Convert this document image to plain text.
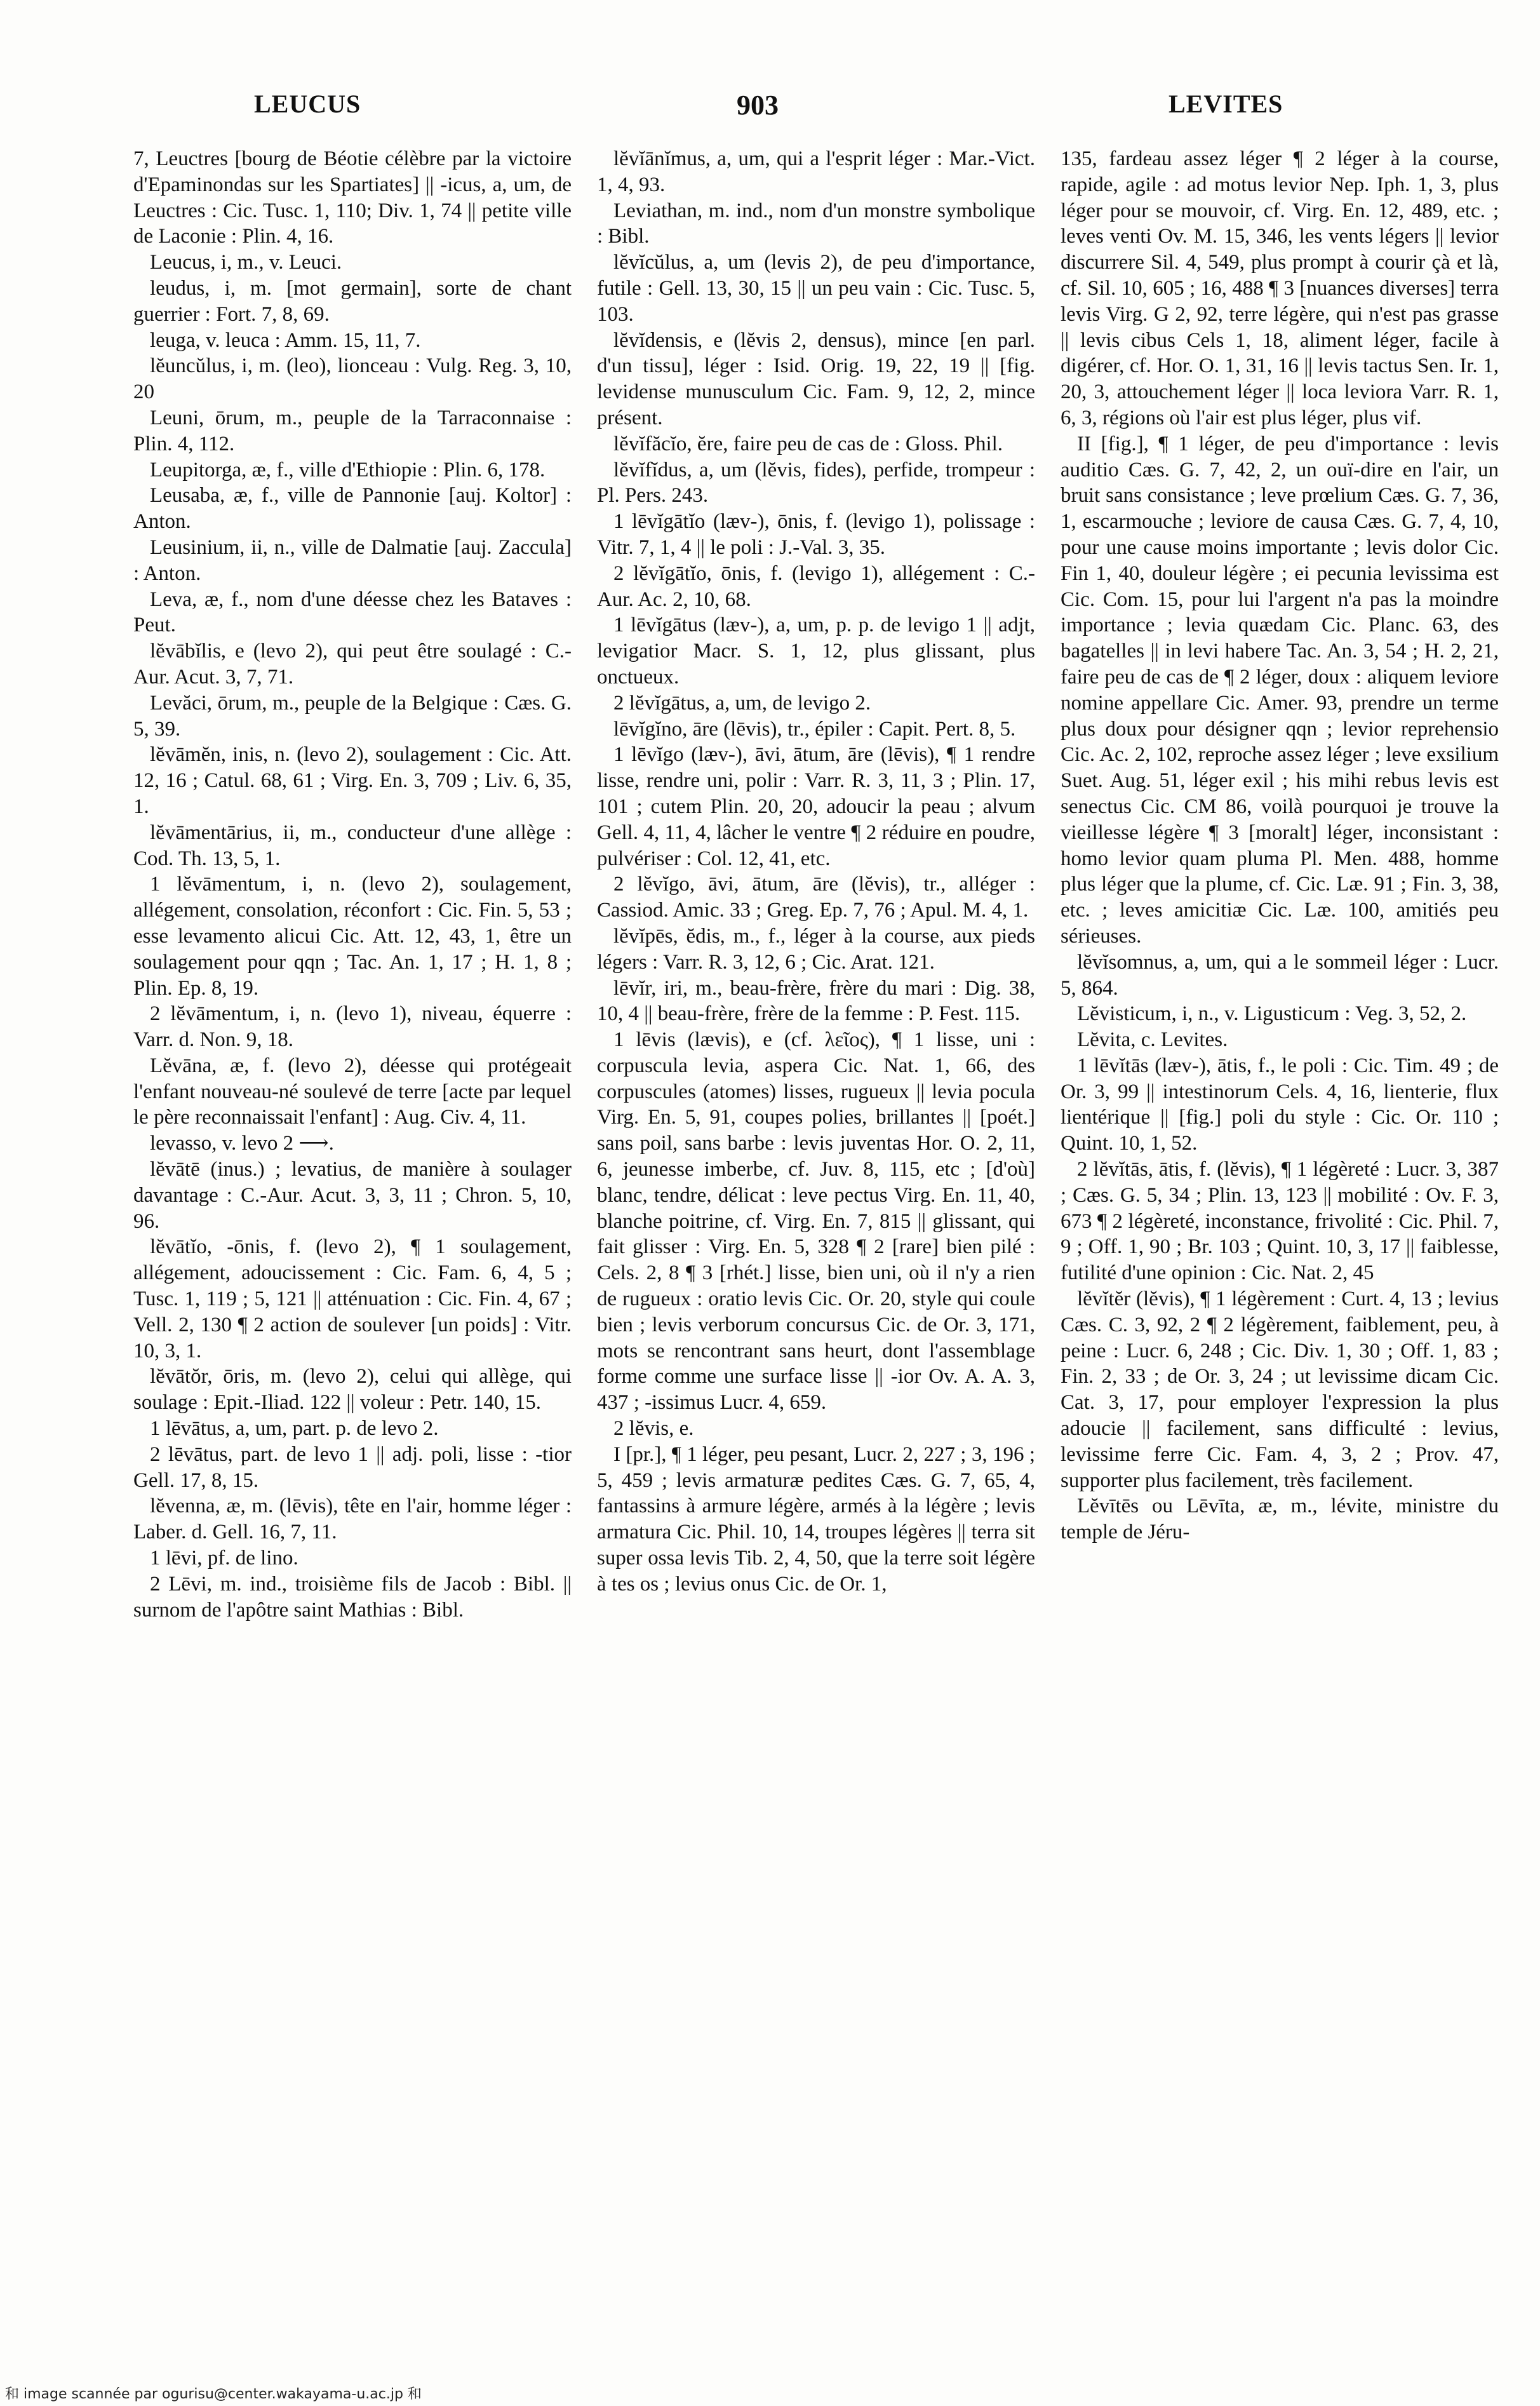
LEUCUS	903	LEVITES

7, Leuctres [bourg de Béotie célèbre par la victoire d'Epaminondas sur les Spartiates] || -icus, a, um, de Leuctres : Cic. Tusc. 1, 110; Div. 1, 74 || petite ville de Laconie : Plin. 4, 16.

Leucus, i, m., v. Leuci.

leudus, i, m. [mot germain], sorte de chant guerrier : Fort. 7, 8, 69.

leuga, v. leuca : Amm. 15, 11, 7.

lĕuncŭlus, i, m. (leo), lionceau : Vulg. Reg. 3, 10, 20

Leuni, ōrum, m., peuple de la Tarraconnaise : Plin. 4, 112.

Leupitorga, æ, f., ville d'Ethiopie : Plin. 6, 178.

Leusaba, æ, f., ville de Pannonie [auj. Koltor] : Anton.

Leusinium, ii, n., ville de Dalmatie [auj. Zaccula] : Anton.

Leva, æ, f., nom d'une déesse chez les Bataves : Peut.

lĕvābĭlis, e (levo 2), qui peut être soulagé : C.-Aur. Acut. 3, 7, 71.

Levăci, ōrum, m., peuple de la Belgique : Cæs. G. 5, 39.

lĕvāmĕn, inis, n. (levo 2), soulagement : Cic. Att. 12, 16 ; Catul. 68, 61 ; Virg. En. 3, 709 ; Liv. 6, 35, 1.

lĕvāmentārius, ii, m., conducteur d'une allège : Cod. Th. 13, 5, 1.

1 lĕvāmentum, i, n. (levo 2), soulagement, allégement, consolation, réconfort : Cic. Fin. 5, 53 ; esse levamento alicui Cic. Att. 12, 43, 1, être un soulagement pour qqn ; Tac. An. 1, 17 ; H. 1, 8 ; Plin. Ep. 8, 19.

2 lĕvāmentum, i, n. (levo 1), niveau, équerre : Varr. d. Non. 9, 18.

Lĕvāna, æ, f. (levo 2), déesse qui protégeait l'enfant nouveau-né soulevé de terre [acte par lequel le père reconnaissait l'enfant] : Aug. Civ. 4, 11.

levasso, v. levo 2 ⟶.

lĕvātē (inus.) ; levatius, de manière à soulager davantage : C.-Aur. Acut. 3, 3, 11 ; Chron. 5, 10, 96.

lĕvātĭo, -ōnis, f. (levo 2), ¶ 1 soulagement, allégement, adoucissement : Cic. Fam. 6, 4, 5 ; Tusc. 1, 119 ; 5, 121 || atténuation : Cic. Fin. 4, 67 ; Vell. 2, 130 ¶ 2 action de soulever [un poids] : Vitr. 10, 3, 1.

lĕvātŏr, ōris, m. (levo 2), celui qui allège, qui soulage : Epit.-Iliad. 122 || voleur : Petr. 140, 15.

1 lēvātus, a, um, part. p. de levo 2.

2 lēvātus, part. de levo 1 || adj. poli, lisse : -tior Gell. 17, 8, 15.

lĕvenna, æ, m. (lēvis), tête en l'air, homme léger : Laber. d. Gell. 16, 7, 11.

1 lēvi, pf. de lino.

2 Lēvi, m. ind., troisième fils de Jacob : Bibl. || surnom de l'apôtre saint Mathias : Bibl.

lĕvĭānĭmus, a, um, qui a l'esprit léger : Mar.-Vict. 1, 4, 93.

Leviathan, m. ind., nom d'un monstre symbolique : Bibl.

lĕvĭcŭlus, a, um (levis 2), de peu d'importance, futile : Gell. 13, 30, 15 || un peu vain : Cic. Tusc. 5, 103.

lĕvĭdensis, e (lĕvis 2, densus), mince [en parl. d'un tissu], léger : Isid. Orig. 19, 22, 19 || [fig. levidense munusculum Cic. Fam. 9, 12, 2, mince présent.

lĕvĭfăcĭo, ĕre, faire peu de cas de : Gloss. Phil.

lĕvĭfĭdus, a, um (lĕvis, fides), perfide, trompeur : Pl. Pers. 243.

1 lēvĭgātĭo (læv-), ōnis, f. (levigo 1), polissage : Vitr. 7, 1, 4 || le poli : J.-Val. 3, 35.

2 lĕvĭgātĭo, ōnis, f. (levigo 1), allégement : C.-Aur. Ac. 2, 10, 68.

1 lēvĭgātus (læv-), a, um, p. p. de levigo 1 || adjt, levigatior Macr. S. 1, 12, plus glissant, plus onctueux.

2 lĕvĭgātus, a, um, de levigo 2.

lēvĭgĭno, āre (lēvis), tr., épiler : Capit. Pert. 8, 5.

1 lēvĭgo (læv-), āvi, ātum, āre (lēvis), ¶ 1 rendre lisse, rendre uni, polir : Varr. R. 3, 11, 3 ; Plin. 17, 101 ; cutem Plin. 20, 20, adoucir la peau ; alvum Gell. 4, 11, 4, lâcher le ventre ¶ 2 réduire en poudre, pulvériser : Col. 12, 41, etc.

2 lĕvĭgo, āvi, ātum, āre (lĕvis), tr., alléger : Cassiod. Amic. 33 ; Greg. Ep. 7, 76 ; Apul. M. 4, 1.

lĕvĭpēs, ĕdis, m., f., léger à la course, aux pieds légers : Varr. R. 3, 12, 6 ; Cic. Arat. 121.

lēvĭr, iri, m., beau-frère, frère du mari : Dig. 38, 10, 4 || beau-frère, frère de la femme : P. Fest. 115.

1 lēvis (lævis), e (cf. λεῖος), ¶ 1 lisse, uni : corpuscula levia, aspera Cic. Nat. 1, 66, des corpuscules (atomes) lisses, rugueux || levia pocula Virg. En. 5, 91, coupes polies, brillantes || [poét.] sans poil, sans barbe : levis juventas Hor. O. 2, 11, 6, jeunesse imberbe, cf. Juv. 8, 115, etc ; [d'où] blanc, tendre, délicat : leve pectus Virg. En. 11, 40, blanche poitrine, cf. Virg. En. 7, 815 || glissant, qui fait glisser : Virg. En. 5, 328 ¶ 2 [rare] bien pilé : Cels. 2, 8 ¶ 3 [rhét.] lisse, bien uni, où il n'y a rien de rugueux : oratio levis Cic. Or. 20, style qui coule bien ; levis verborum concursus Cic. de Or. 3, 171, mots se rencontrant sans heurt, dont l'assemblage forme comme une surface lisse || -ior Ov. A. A. 3, 437 ; -issimus Lucr. 4, 659.

2 lĕvis, e.

I [pr.], ¶ 1 léger, peu pesant, Lucr. 2, 227 ; 3, 196 ; 5, 459 ; levis armaturæ pedites Cæs. G. 7, 65, 4, fantassins à armure légère, armés à la légère ; levis armatura Cic. Phil. 10, 14, troupes légères || terra sit super ossa levis Tib. 2, 4, 50, que la terre soit légère à tes os ; levius onus Cic. de Or. 1,

135, fardeau assez léger ¶ 2 léger à la course, rapide, agile : ad motus levior Nep. Iph. 1, 3, plus léger pour se mouvoir, cf. Virg. En. 12, 489, etc. ; leves venti Ov. M. 15, 346, les vents légers || levior discurrere Sil. 4, 549, plus prompt à courir çà et là, cf. Sil. 10, 605 ; 16, 488 ¶ 3 [nuances diverses] terra levis Virg. G 2, 92, terre légère, qui n'est pas grasse || levis cibus Cels 1, 18, aliment léger, facile à digérer, cf. Hor. O. 1, 31, 16 || levis tactus Sen. Ir. 1, 20, 3, attouchement léger || loca leviora Varr. R. 1, 6, 3, régions où l'air est plus léger, plus vif.

II [fig.], ¶ 1 léger, de peu d'importance : levis auditio Cæs. G. 7, 42, 2, un ouï-dire en l'air, un bruit sans consistance ; leve prœlium Cæs. G. 7, 36, 1, escarmouche ; leviore de causa Cæs. G. 7, 4, 10, pour une cause moins importante ; levis dolor Cic. Fin 1, 40, douleur légère ; ei pecunia levissima est Cic. Com. 15, pour lui l'argent n'a pas la moindre importance ; levia quædam Cic. Planc. 63, des bagatelles || in levi habere Tac. An. 3, 54 ; H. 2, 21, faire peu de cas de ¶ 2 léger, doux : aliquem leviore nomine appellare Cic. Amer. 93, prendre un terme plus doux pour désigner qqn ; levior reprehensio Cic. Ac. 2, 102, reproche assez léger ; leve exsilium Suet. Aug. 51, léger exil ; his mihi rebus levis est senectus Cic. CM 86, voilà pourquoi je trouve la vieillesse légère ¶ 3 [moralt] léger, inconsistant : homo levior quam pluma Pl. Men. 488, homme plus léger que la plume, cf. Cic. Læ. 91 ; Fin. 3, 38, etc. ; leves amicitiæ Cic. Læ. 100, amitiés peu sérieuses.

lĕvĭsomnus, a, um, qui a le sommeil léger : Lucr. 5, 864.

Lĕvisticum, i, n., v. Ligusticum : Veg. 3, 52, 2.

Lĕvita, c. Levites.

1 lēvĭtās (læv-), ātis, f., le poli : Cic. Tim. 49 ; de Or. 3, 99 || intestinorum Cels. 4, 16, lienterie, flux lientérique || [fig.] poli du style : Cic. Or. 110 ; Quint. 10, 1, 52.

2 lĕvĭtās, ātis, f. (lĕvis), ¶ 1 légèreté : Lucr. 3, 387 ; Cæs. G. 5, 34 ; Plin. 13, 123 || mobilité : Ov. F. 3, 673 ¶ 2 légèreté, inconstance, frivolité : Cic. Phil. 7, 9 ; Off. 1, 90 ; Br. 103 ; Quint. 10, 3, 17 || faiblesse, futilité d'une opinion : Cic. Nat. 2, 45

lĕvĭtĕr (lĕvis), ¶ 1 légèrement : Curt. 4, 13 ; levius Cæs. C. 3, 92, 2 ¶ 2 légèrement, faiblement, peu, à peine : Lucr. 6, 248 ; Cic. Div. 1, 30 ; Off. 1, 83 ; Fin. 2, 33 ; de Or. 3, 24 ; ut levissime dicam Cic. Cat. 3, 17, pour employer l'expression la plus adoucie || facilement, sans difficulté : levius, levissime ferre Cic. Fam. 4, 3, 2 ; Prov. 47, supporter plus facilement, très facilement.

Lĕvītēs ou Lēvīta, æ, m., lévite, ministre du temple de Jéru-

和 image scannée par ogurisu@center.wakayama-u.ac.jp 和
